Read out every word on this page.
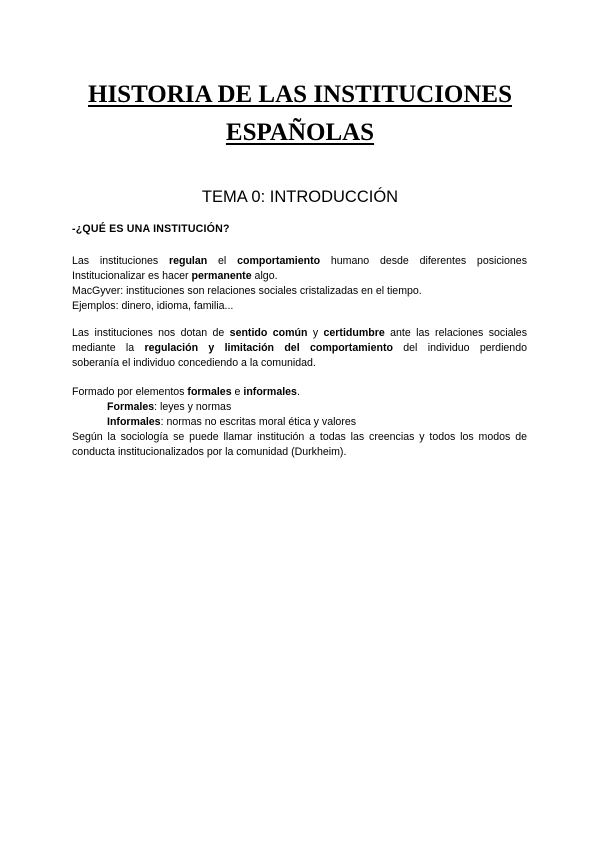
HISTORIA DE LAS INSTITUCIONES
ESPAÑOLAS
TEMA 0: INTRODUCCIÓN
-¿QUÉ ES UNA INSTITUCIÓN?
Las instituciones regulan el comportamiento humano desde diferentes posiciones
Institucionalizar es hacer permanente algo.
MacGyver: instituciones son relaciones sociales cristalizadas en el tiempo.
Ejemplos: dinero, idioma, familia...
Las instituciones nos dotan de sentido común y certidumbre ante las relaciones sociales
mediante la regulación y limitación del comportamiento del individuo perdiendo
soberanía el individuo concediendo a la comunidad.
Formado por elementos formales e informales.
Formales: leyes y normas
Informales: normas no escritas moral ética y valores
Según la sociología se puede llamar institución a todas las creencias y todos los modos de
conducta institucionalizados por la comunidad (Durkheim).
